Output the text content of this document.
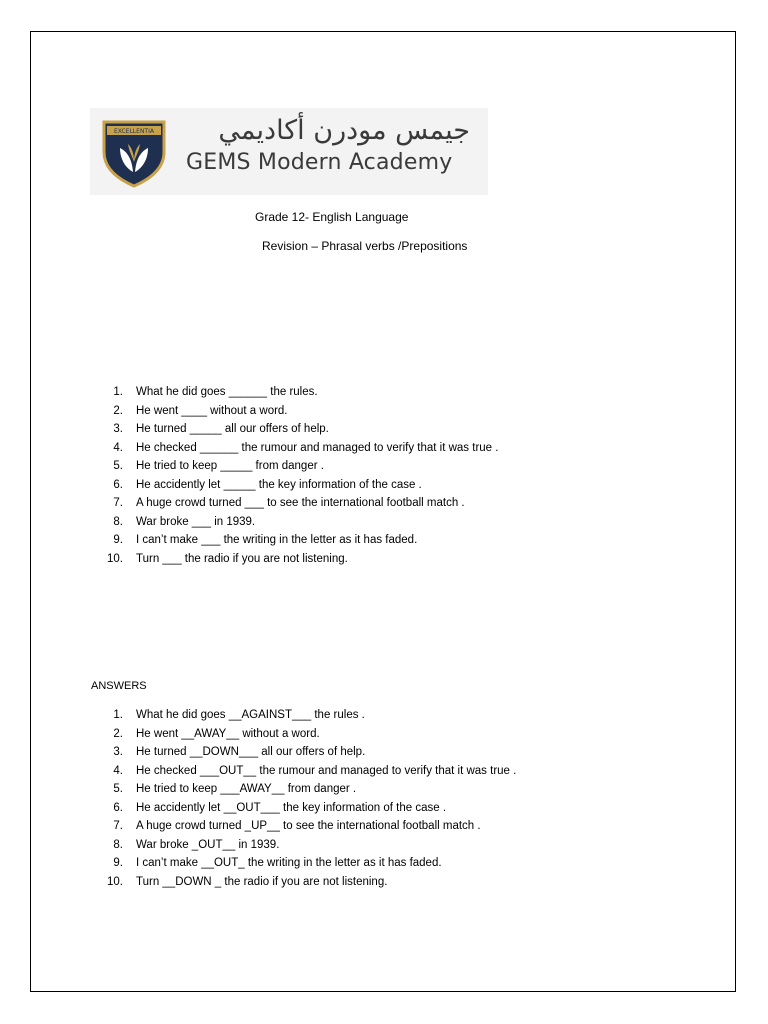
EXCELLENTIA	جيمس مودرن أكاديمي
GEMS Modern Academy
Grade 12- English Language
Revision – Phrasal verbs /Prepositions
1. What he did goes ______ the rules.
2. He went ____ without a word.
3. He turned _____ all our offers of help.
4. He checked ______ the rumour and managed to verify that it was true .
5. He tried to keep _____ from danger .
6. He accidently let _____ the key information of the case .
7. A huge crowd turned ___ to see the international football match .
8. War broke ___ in 1939.
9. I can’t make ___ the writing in the letter as it has faded.
10. Turn ___ the radio if you are not listening.
ANSWERS
1. What he did goes __AGAINST___ the rules .
2. He went __AWAY__ without a word.
3. He turned __DOWN___ all our offers of help.
4. He checked ___OUT__ the rumour and managed to verify that it was true .
5. He tried to keep ___AWAY__ from danger .
6. He accidently let __OUT___ the key information of the case .
7. A huge crowd turned _UP__ to see the international football match .
8. War broke _OUT__ in 1939.
9. I can’t make __OUT_ the writing in the letter as it has faded.
10. Turn __DOWN _ the radio if you are not listening.
